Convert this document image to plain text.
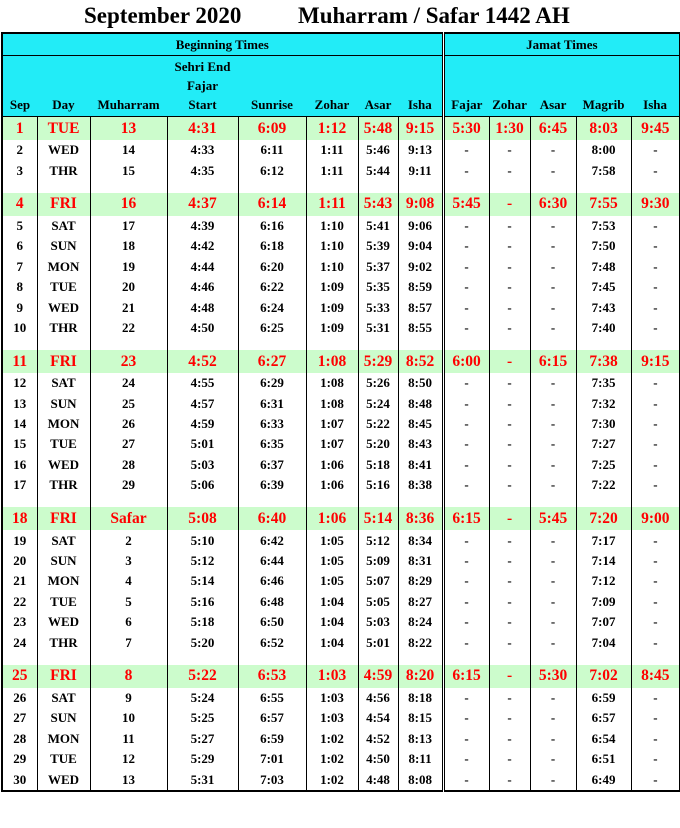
September 2020 Muharram / Safar 1442 AH
Beginning Times								Jamat Times				
Sep	Day	Muharram	Sehri End
Fajar
Start	Sunrise	Zohar	Asar	Isha	Fajar	Zohar	Asar	Magrib	Isha
1	TUE	13	4:31	6:09	1:12	5:48	9:15	5:30	1:30	6:45	8:03	9:45
2	WED	14	4:33	6:11	1:11	5:46	9:13	-	-	-	8:00	-
3	THR	15	4:35	6:12	1:11	5:44	9:11	-	-	-	7:58	-

4	FRI	16	4:37	6:14	1:11	5:43	9:08	5:45	-	6:30	7:55	9:30
5	SAT	17	4:39	6:16	1:10	5:41	9:06	-	-	-	7:53	-
6	SUN	18	4:42	6:18	1:10	5:39	9:04	-	-	-	7:50	-
7	MON	19	4:44	6:20	1:10	5:37	9:02	-	-	-	7:48	-
8	TUE	20	4:46	6:22	1:09	5:35	8:59	-	-	-	7:45	-
9	WED	21	4:48	6:24	1:09	5:33	8:57	-	-	-	7:43	-
10	THR	22	4:50	6:25	1:09	5:31	8:55	-	-	-	7:40	-

11	FRI	23	4:52	6:27	1:08	5:29	8:52	6:00	-	6:15	7:38	9:15
12	SAT	24	4:55	6:29	1:08	5:26	8:50	-	-	-	7:35	-
13	SUN	25	4:57	6:31	1:08	5:24	8:48	-	-	-	7:32	-
14	MON	26	4:59	6:33	1:07	5:22	8:45	-	-	-	7:30	-
15	TUE	27	5:01	6:35	1:07	5:20	8:43	-	-	-	7:27	-
16	WED	28	5:03	6:37	1:06	5:18	8:41	-	-	-	7:25	-
17	THR	29	5:06	6:39	1:06	5:16	8:38	-	-	-	7:22	-

18	FRI	Safar	5:08	6:40	1:06	5:14	8:36	6:15	-	5:45	7:20	9:00
19	SAT	2	5:10	6:42	1:05	5:12	8:34	-	-	-	7:17	-
20	SUN	3	5:12	6:44	1:05	5:09	8:31	-	-	-	7:14	-
21	MON	4	5:14	6:46	1:05	5:07	8:29	-	-	-	7:12	-
22	TUE	5	5:16	6:48	1:04	5:05	8:27	-	-	-	7:09	-
23	WED	6	5:18	6:50	1:04	5:03	8:24	-	-	-	7:07	-
24	THR	7	5:20	6:52	1:04	5:01	8:22	-	-	-	7:04	-

25	FRI	8	5:22	6:53	1:03	4:59	8:20	6:15	-	5:30	7:02	8:45
26	SAT	9	5:24	6:55	1:03	4:56	8:18	-	-	-	6:59	-
27	SUN	10	5:25	6:57	1:03	4:54	8:15	-	-	-	6:57	-
28	MON	11	5:27	6:59	1:02	4:52	8:13	-	-	-	6:54	-
29	TUE	12	5:29	7:01	1:02	4:50	8:11	-	-	-	6:51	-
30	WED	13	5:31	7:03	1:02	4:48	8:08	-	-	-	6:49	-
